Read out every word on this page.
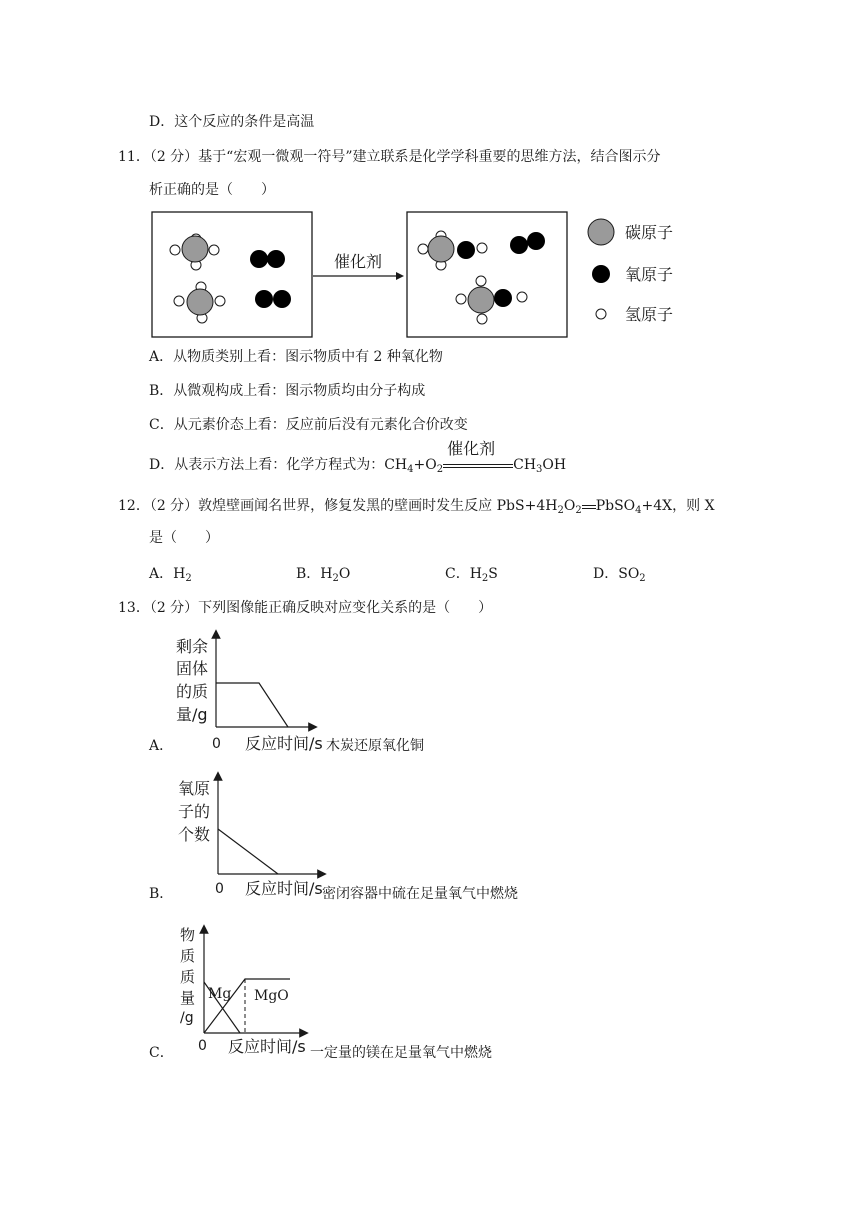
D．这个反应的条件是高温
11．（2 分）基于“宏观一微观一符号”建立联系是化学学科重要的思维方法，结合图示分
析正确的是（　　）
催化剂
碳原子
氧原子
氢原子
A．从物质类别上看：图示物质中有 2 种氧化物
B．从微观构成上看：图示物质均由分子构成
C．从元素价态上看：反应前后没有元素化合价改变
D．从表示方法上看：化学方程式为：$CH_4+O_2$
催化剂
$CH_3OH$
12．（2 分）敦煌壁画闻名世界，修复发黑的壁画时发生反应 $PbS+4H_2O_2$ PbSO$_4$+4X，则 X
是（　　）
A．$H_2$	B．$H_2O$	C．$H_2S$	D．$SO_2$
13．（2 分）下列图像能正确反映对应变化关系的是（　　）
A．
剩余
固体
的质
量/g
0 反应时间/s 木炭还原氧化铜
B．
氧原
子的
个数
0 反应时间/s 密闭容器中硫在足量氧气中燃烧
C．
物
质
质
量
/g
Mg MgO
0 反应时间/s 一定量的镁在足量氧气中燃烧
